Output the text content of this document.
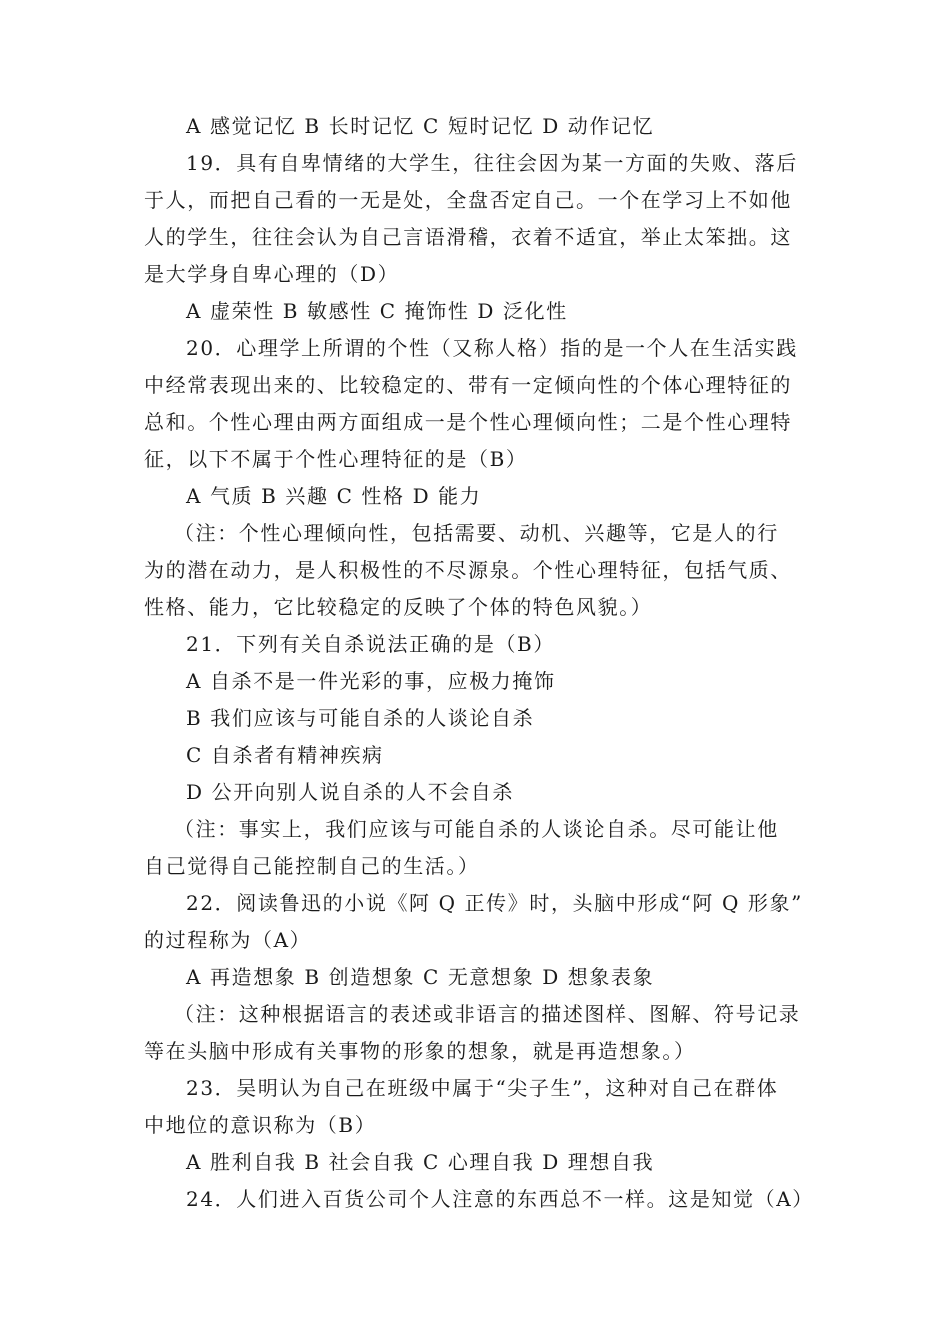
A 感觉记忆 B 长时记忆 C 短时记忆 D 动作记忆
19．具有自卑情绪的大学生，往往会因为某一方面的失败、落后
于人，而把自己看的一无是处，全盘否定自己。一个在学习上不如他
人的学生，往往会认为自己言语滑稽，衣着不适宜，举止太笨拙。这
是大学身自卑心理的（D）
A 虚荣性 B 敏感性 C 掩饰性 D 泛化性
20．心理学上所谓的个性（又称人格）指的是一个人在生活实践
中经常表现出来的、比较稳定的、带有一定倾向性的个体心理特征的
总和。个性心理由两方面组成一是个性心理倾向性；二是个性心理特
征，以下不属于个性心理特征的是（B）
A 气质 B 兴趣 C 性格 D 能力
（注：个性心理倾向性，包括需要、动机、兴趣等，它是人的行
为的潜在动力，是人积极性的不尽源泉。个性心理特征，包括气质、
性格、能力，它比较稳定的反映了个体的特色风貌。）
21．下列有关自杀说法正确的是（B）
A 自杀不是一件光彩的事，应极力掩饰
B 我们应该与可能自杀的人谈论自杀
C 自杀者有精神疾病
D 公开向别人说自杀的人不会自杀
（注：事实上，我们应该与可能自杀的人谈论自杀。尽可能让他
自己觉得自己能控制自己的生活。）
22．阅读鲁迅的小说《阿 Q 正传》时，头脑中形成“阿 Q 形象”
的过程称为（A）
A 再造想象 B 创造想象 C 无意想象 D 想象表象
（注：这种根据语言的表述或非语言的描述图样、图解、符号记录
等在头脑中形成有关事物的形象的想象，就是再造想象。）
23．吴明认为自己在班级中属于“尖子生”，这种对自己在群体
中地位的意识称为（B）
A 胜利自我 B 社会自我 C 心理自我 D 理想自我
24．人们进入百货公司个人注意的东西总不一样。这是知觉（A）
